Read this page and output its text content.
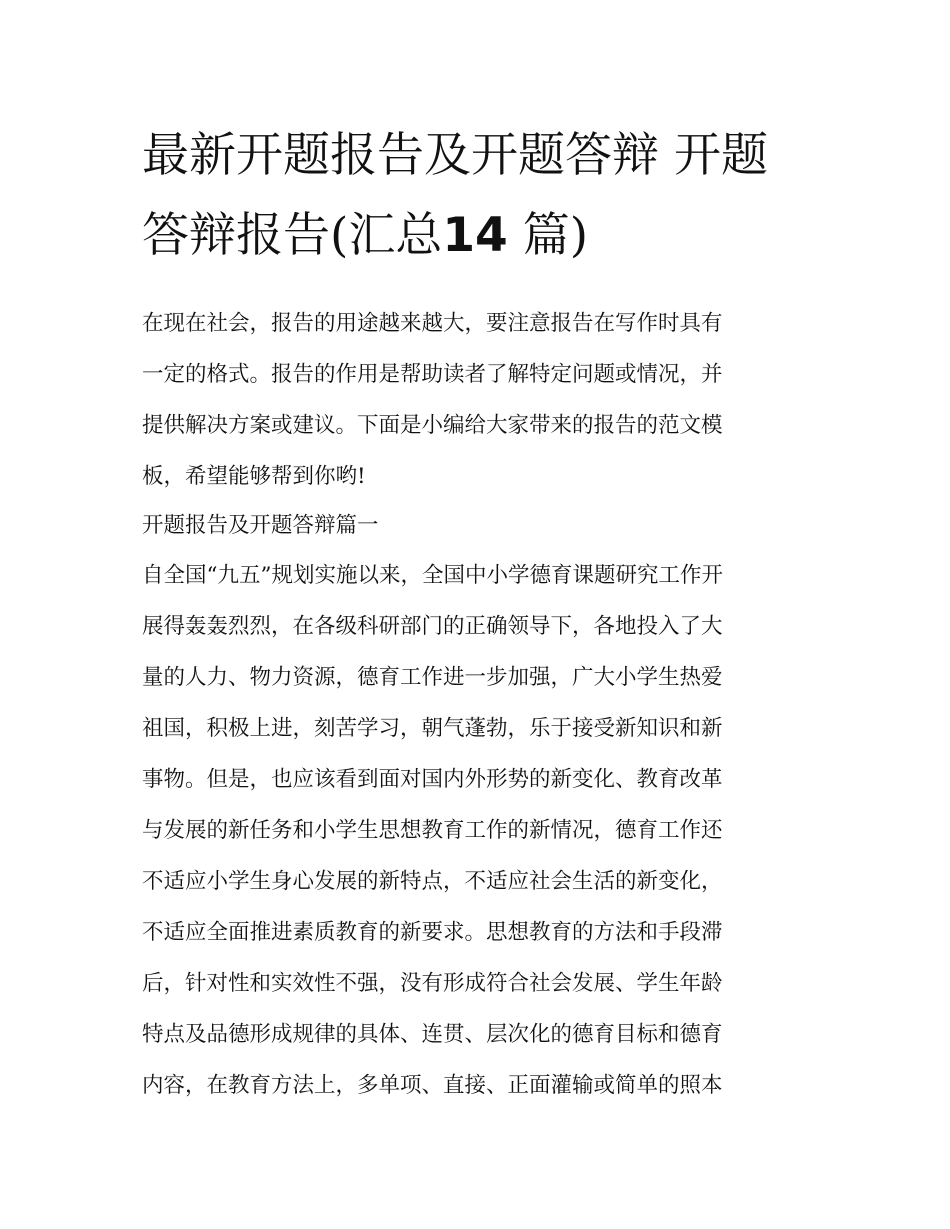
最新开题报告及开题答辩 开题答辩报告(汇总14 篇)

在现在社会，报告的用途越来越大，要注意报告在写作时具有
一定的格式。报告的作用是帮助读者了解特定问题或情况，并
提供解决方案或建议。下面是小编给大家带来的报告的范文模
板，希望能够帮到你哟!

开题报告及开题答辩篇一

自全国“九五”规划实施以来，全国中小学德育课题研究工作开
展得轰轰烈烈，在各级科研部门的正确领导下，各地投入了大
量的人力、物力资源，德育工作进一步加强，广大小学生热爱
祖国，积极上进，刻苦学习，朝气蓬勃，乐于接受新知识和新
事物。但是，也应该看到面对国内外形势的新变化、教育改革
与发展的新任务和小学生思想教育工作的新情况，德育工作还
不适应小学生身心发展的新特点，不适应社会生活的新变化，
不适应全面推进素质教育的新要求。思想教育的方法和手段滞
后，针对性和实效性不强，没有形成符合社会发展、学生年龄
特点及品德形成规律的具体、连贯、层次化的德育目标和德育
内容，在教育方法上，多单项、直接、正面灌输或简单的照本
